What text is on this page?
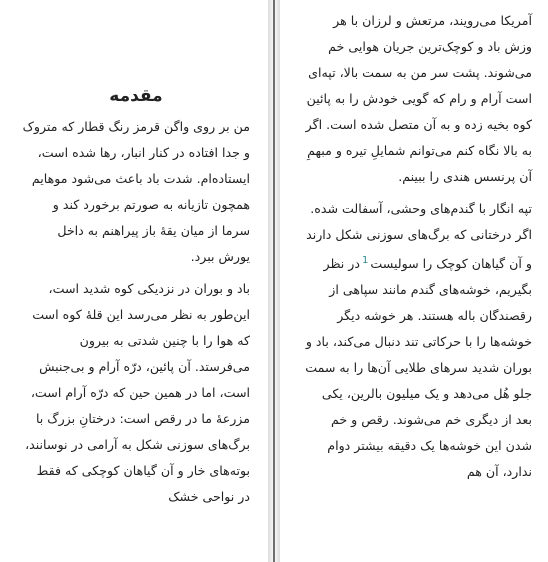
مقدمه

من بر روی واگن قرمز رنگ قطار که متروک و جدا افتاده در کنار انبار، رها شده است، ایستاده‌ام. شدت باد باعث می‌شود موهایم همچون تازیانه به صورتم برخورد کند و سرما از میان یقهٔ باز پیراهنم به داخل یورش ببرد.

باد و بوران در نزدیکی کوه شدید است، این‌طور به نظر می‌رسد این قلهٔ کوه است که هوا را با چنین شدتی به بیرون می‌فرستد. آن پائین، درّه آرام و بی‌جنبش است، اما در همین حین که درّه آرام است، مزرعهٔ ما در رقص است: درختانِ بزرگ با برگ‌های سوزنی شکل به آرامی در نوسانند، بوته‌های خار و آن گیاهان کوچکی که فقط در نواحی خشک

آمریکا می‌رویند، مرتعش و لرزان با هر وزش باد و کوچک‌ترین جریان هوایی خم می‌شوند. پشت سر من به سمت بالا، تپه‌ای است آرام و رام که گویی خودش را به پائین کوه بخیه زده و به آن متصل شده است. اگر به بالا نگاه کنم می‌توانم شمایلِ تیره و مبهمِ آن پرنسس هندی را ببینم.

تپه انگار با گندم‌های وحشی، آسفالت شده. اگر درختانی که برگ‌های سوزنی شکل دارند و آن گیاهان کوچک را سولیست$^1$در نظر بگیریم، خوشه‌های گندم مانند سپاهی از رقصندگان باله هستند. هر خوشه دیگر خوشه‌ها را با حرکاتی تند دنبال می‌کند، باد و بوران شدید سرهای طلایی آن‌ها را به سمت جلو هُل می‌دهد و یک میلیون بالرین، یکی بعد از دیگری خم می‌شوند. رقص و خم شدن این خوشه‌ها یک دقیقه بیشتر دوام ندارد، آن هم
